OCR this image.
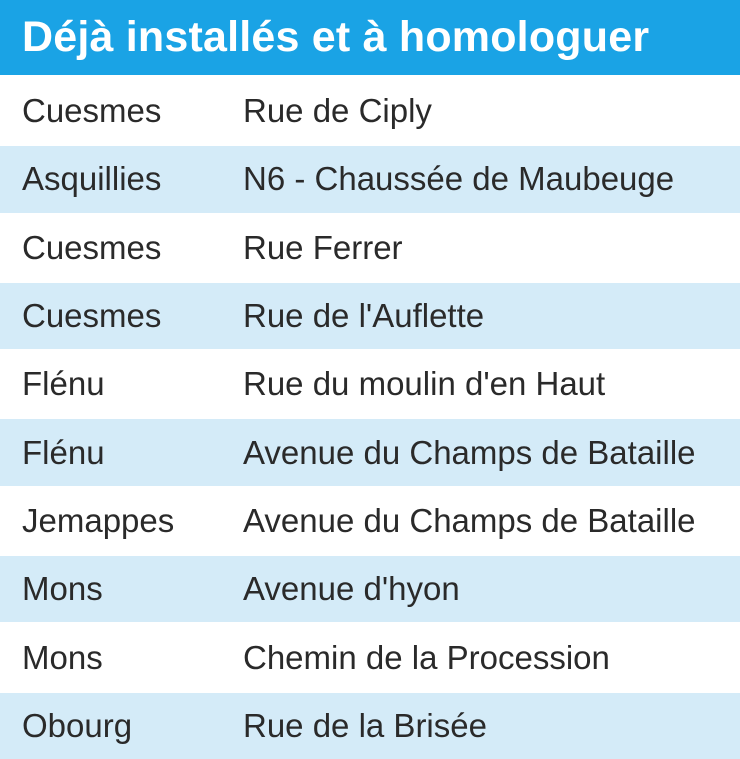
Déjà installés et à homologuer
Cuesmes	Rue de Ciply
Asquillies	N6 - Chaussée de Maubeuge
Cuesmes	Rue Ferrer
Cuesmes	Rue de l'Auflette
Flénu	Rue du moulin d'en Haut
Flénu	Avenue du Champs de Bataille
Jemappes	Avenue du Champs de Bataille
Mons	Avenue d'hyon
Mons	Chemin de la Procession
Obourg	Rue de la Brisée
